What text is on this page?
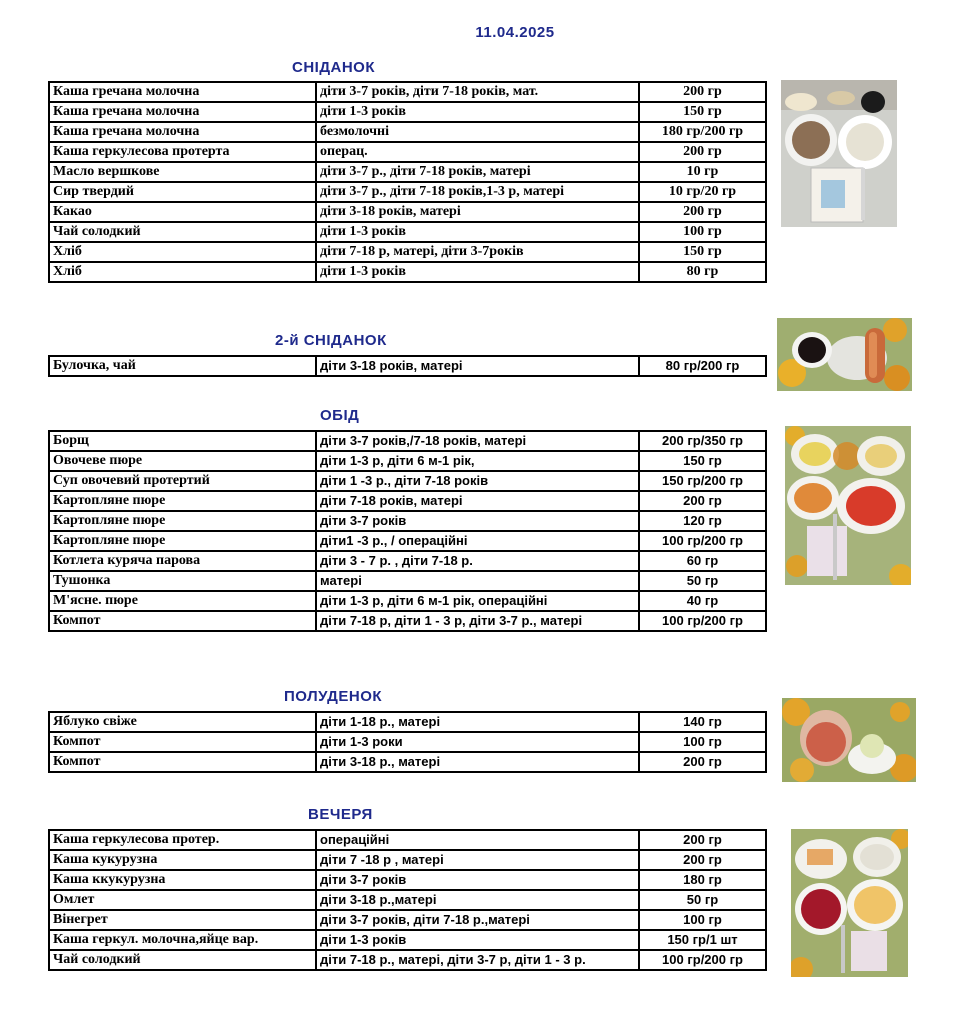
11.04.2025
СНІДАНОК
Каша гречана молочна	діти 3-7 років, діти 7-18 років, мат.	200 гр
Каша гречана молочна	діти 1-3 років	150 гр
Каша гречана молочна	безмолочні	180 гр/200 гр
Каша геркулесова протерта	операц.	200 гр
Масло вершкове	діти 3-7 р., діти 7-18 років, матері	10 гр
Сир твердий	діти 3-7 р., діти 7-18 років,1-3 р, матері	10 гр/20 гр
Какао	діти 3-18 років, матері	200 гр
Чай солодкий	діти 1-3 років	100 гр
Хліб	діти 7-18 р, матері, діти 3-7років	150 гр
Хліб	діти 1-3 років	80 гр
2-й СНІДАНОК
Булочка, чай	діти 3-18 років, матері	80 гр/200 гр
ОБІД
Борщ	діти 3-7 років,/7-18 років, матері	200 гр/350 гр
Овочеве пюре	діти 1-3 р, діти 6 м-1 рік,	150 гр
Суп овочевий протертий	діти 1 -3 р., діти 7-18 років	150 гр/200 гр
Картопляне пюре	діти 7-18 років, матері	200 гр
Картопляне пюре	діти 3-7 років	120 гр
Картопляне пюре	діти1 -3 р., / операційні	100 гр/200 гр
Котлета куряча парова	діти 3 - 7 р. , діти 7-18 р.	60 гр
Тушонка	матері	50 гр
М'ясне. пюре	діти 1-3 р, діти 6 м-1 рік, операційні	40 гр
Компот	діти 7-18 р, діти 1 - 3 р, діти 3-7 р., матері	100 гр/200 гр
ПОЛУДЕНОК
Яблуко свіже	діти 1-18 р., матері	140 гр
Компот	діти 1-3 роки	100 гр
Компот	діти 3-18 р., матері	200 гр
ВЕЧЕРЯ
Каша геркулесова протер.	операційні	200 гр
Каша кукурузна	діти 7 -18 р , матері	200 гр
Каша ккукурузна	діти 3-7 років	180 гр
Омлет	діти 3-18 р.,матері	50 гр
Вінегрет	діти 3-7 років, діти 7-18 р.,матері	100 гр
Каша геркул. молочна,яйце вар.	діти 1-3 років	150 гр/1 шт
Чай солодкий	діти 7-18 р., матері, діти 3-7 р, діти 1 - 3 р.	100 гр/200 гр
